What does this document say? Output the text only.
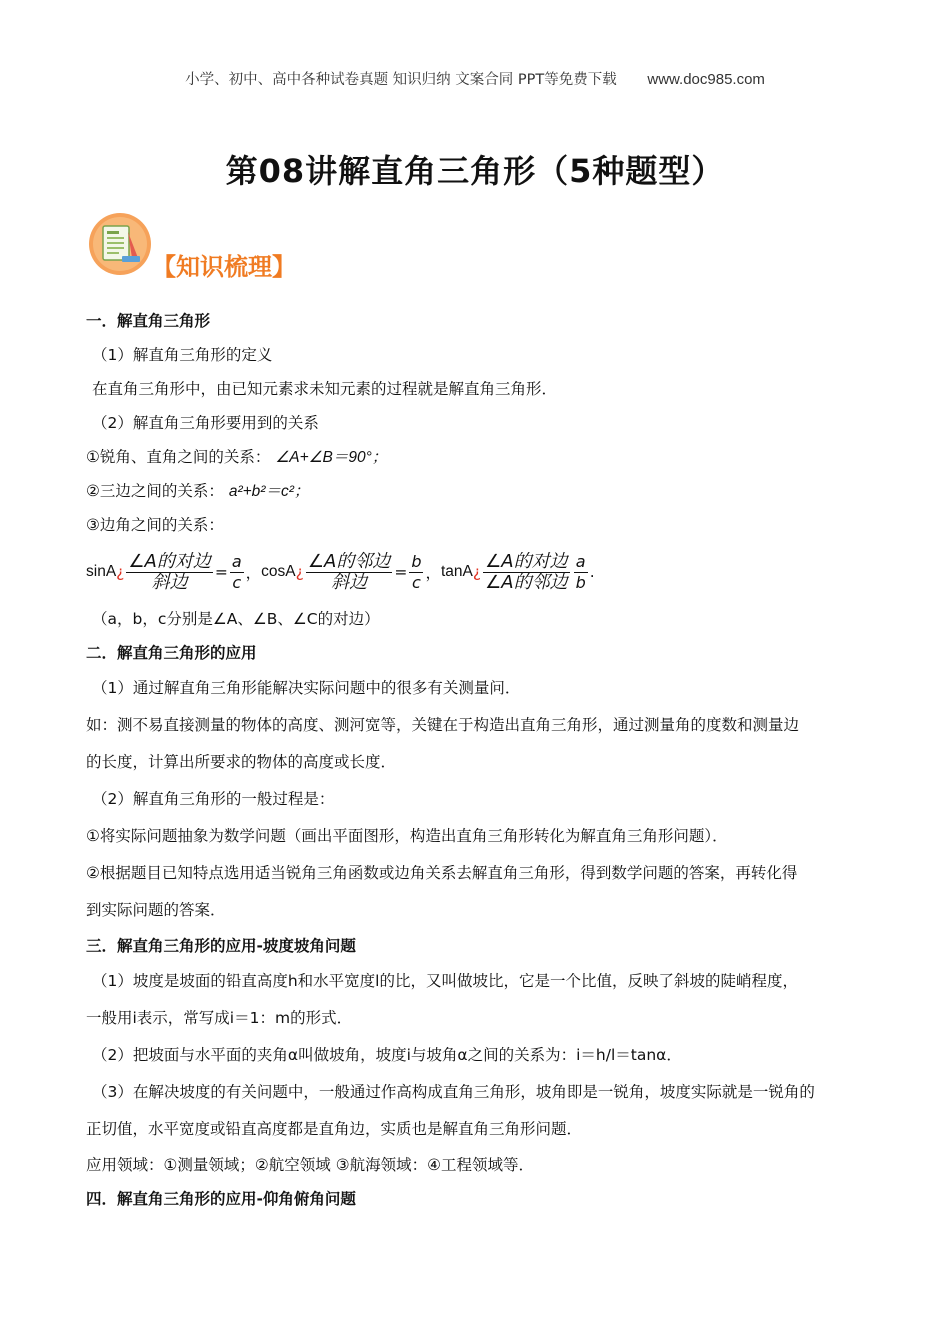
小学、初中、高中各种试卷真题 知识归纳 文案合同 PPT等免费下载 www.doc985.com
第08讲解直角三角形（5种题型）
【知识梳理】
一．解直角三角形
（1）解直角三角形的定义
在直角三角形中，由已知元素求未知元素的过程就是解直角三角形．
（2）解直角三角形要用到的关系
①锐角、直角之间的关系： ∠A+∠B＝90°；
②三边之间的关系： a²+b²＝c²；
③边角之间的关系：
sinA ¿ $\frac{\text{∠A的对边}}{\text{斜边}} = \frac{a}{c}$ ， cosA ¿ $\frac{\text{∠A的邻边}}{\text{斜边}} = \frac{b}{c}$ ， tanA ¿ $\frac{\text{∠A的对边}}{\text{∠A的邻边}} \frac{a}{b}$ .
（a，b，c分别是∠A、∠B、∠C的对边）
二．解直角三角形的应用
（1）通过解直角三角形能解决实际问题中的很多有关测量问．
如：测不易直接测量的物体的高度、测河宽等，关键在于构造出直角三角形，通过测量角的度数和测量边
的长度，计算出所要求的物体的高度或长度．
（2）解直角三角形的一般过程是：
①将实际问题抽象为数学问题（画出平面图形，构造出直角三角形转化为解直角三角形问题）．
②根据题目已知特点选用适当锐角三角函数或边角关系去解直角三角形，得到数学问题的答案，再转化得
到实际问题的答案．
三．解直角三角形的应用-坡度坡角问题
（1）坡度是坡面的铅直高度h和水平宽度l的比，又叫做坡比，它是一个比值，反映了斜坡的陡峭程度，
一般用i表示，常写成i＝1：m的形式．
（2）把坡面与水平面的夹角α叫做坡角，坡度i与坡角α之间的关系为：i＝h/l＝tanα．
（3）在解决坡度的有关问题中，一般通过作高构成直角三角形，坡角即是一锐角，坡度实际就是一锐角的
正切值，水平宽度或铅直高度都是直角边，实质也是解直角三角形问题．
应用领域：①测量领域；②航空领域 ③航海领域：④工程领域等．
四．解直角三角形的应用-仰角俯角问题
